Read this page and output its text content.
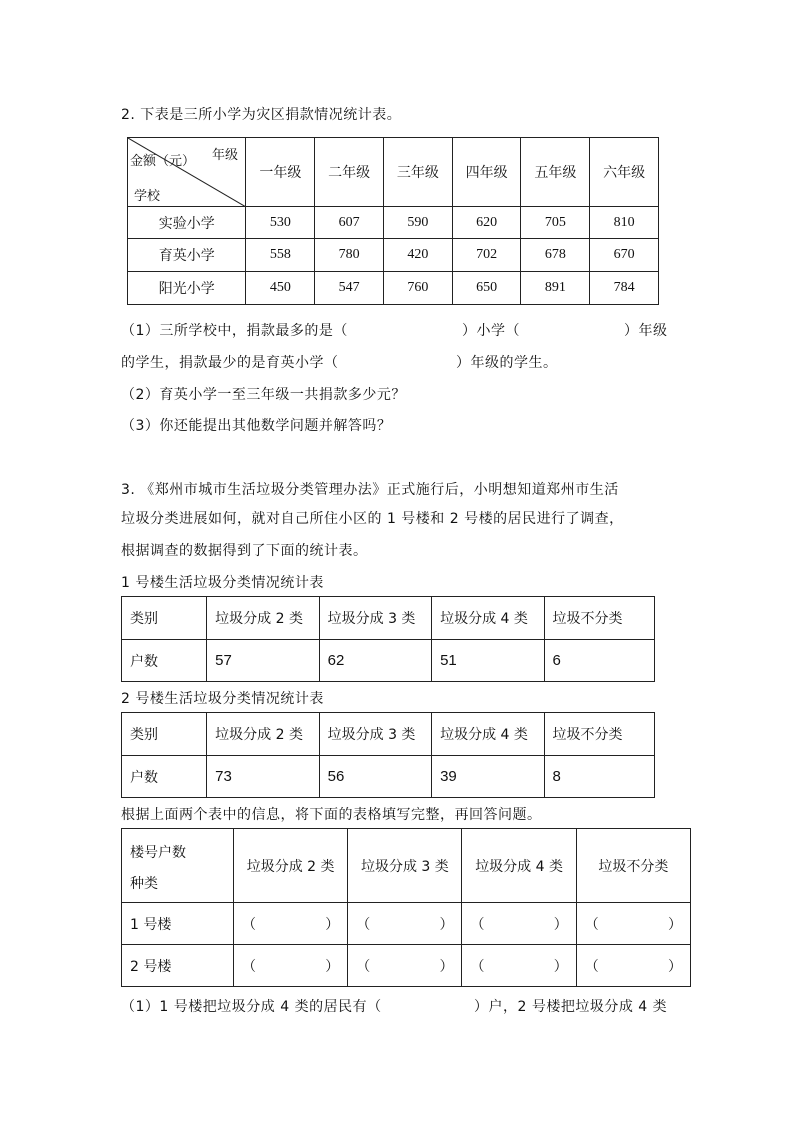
2. 下表是三所小学为灾区捐款情况统计表。
金额（元） 年级
学校	一年级	二年级	三年级	四年级	五年级	六年级
实验小学	530	607	590	620	705	810
育英小学	558	780	420	702	678	670
阳光小学	450	547	760	650	891	784
（1）三所学校中，捐款最多的是（	）小学（	）年级
的学生，捐款最少的是育英小学（	）年级的学生。
（2）育英小学一至三年级一共捐款多少元？
（3）你还能提出其他数学问题并解答吗？
3. 《郑州市城市生活垃圾分类管理办法》正式施行后，小明想知道郑州市生活
垃圾分类进展如何，就对自己所住小区的 1 号楼和 2 号楼的居民进行了调查，
根据调查的数据得到了下面的统计表。
1 号楼生活垃圾分类情况统计表
类别	垃圾分成 2 类	垃圾分成 3 类	垃圾分成 4 类	垃圾不分类
户数	57	62	51	6
2 号楼生活垃圾分类情况统计表
类别	垃圾分成 2 类	垃圾分成 3 类	垃圾分成 4 类	垃圾不分类
户数	73	56	39	8
根据上面两个表中的信息，将下面的表格填写完整，再回答问题。
楼号户数
种类	垃圾分成 2 类	垃圾分成 3 类	垃圾分成 4 类	垃圾不分类
1 号楼	（ ）	（ ）	（ ）	（ ）

2 号楼	（ ）	（ ）	（ ）	（ ）
（1）1 号楼把垃圾分成 4 类的居民有（	）户，2 号楼把垃圾分成 4 类
